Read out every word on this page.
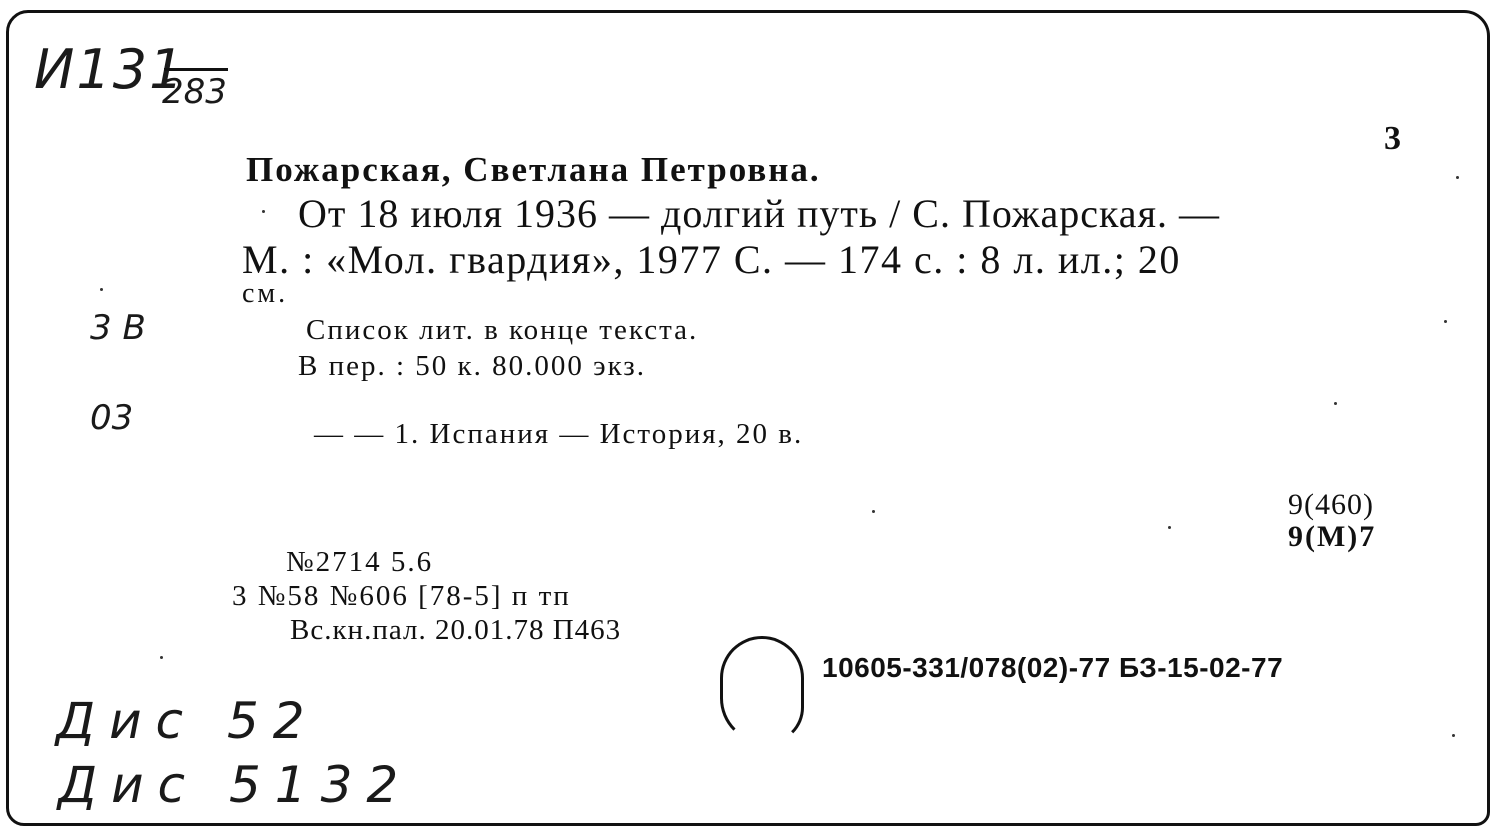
И131
283
3 В
03
Дис 52
Дис 5132
3
Пожарская, Светлана Петровна.
От 18 июля 1936 — долгий путь / С. Пожарская. —
М. : «Мол. гвардия», 1977 С. — 174 с. : 8 л. ил.; 20
см.
Список лит. в конце текста.
В пер. : 50 к. 80.000 экз.
— — 1. Испания — История, 20 в.
9(460)
9(М)7
№2714 5.6
3 №58 №606 [78-5] п тп
Вс.кн.пал. 20.01.78 П463
10605-331/078(02)-77 БЗ-15-02-77
